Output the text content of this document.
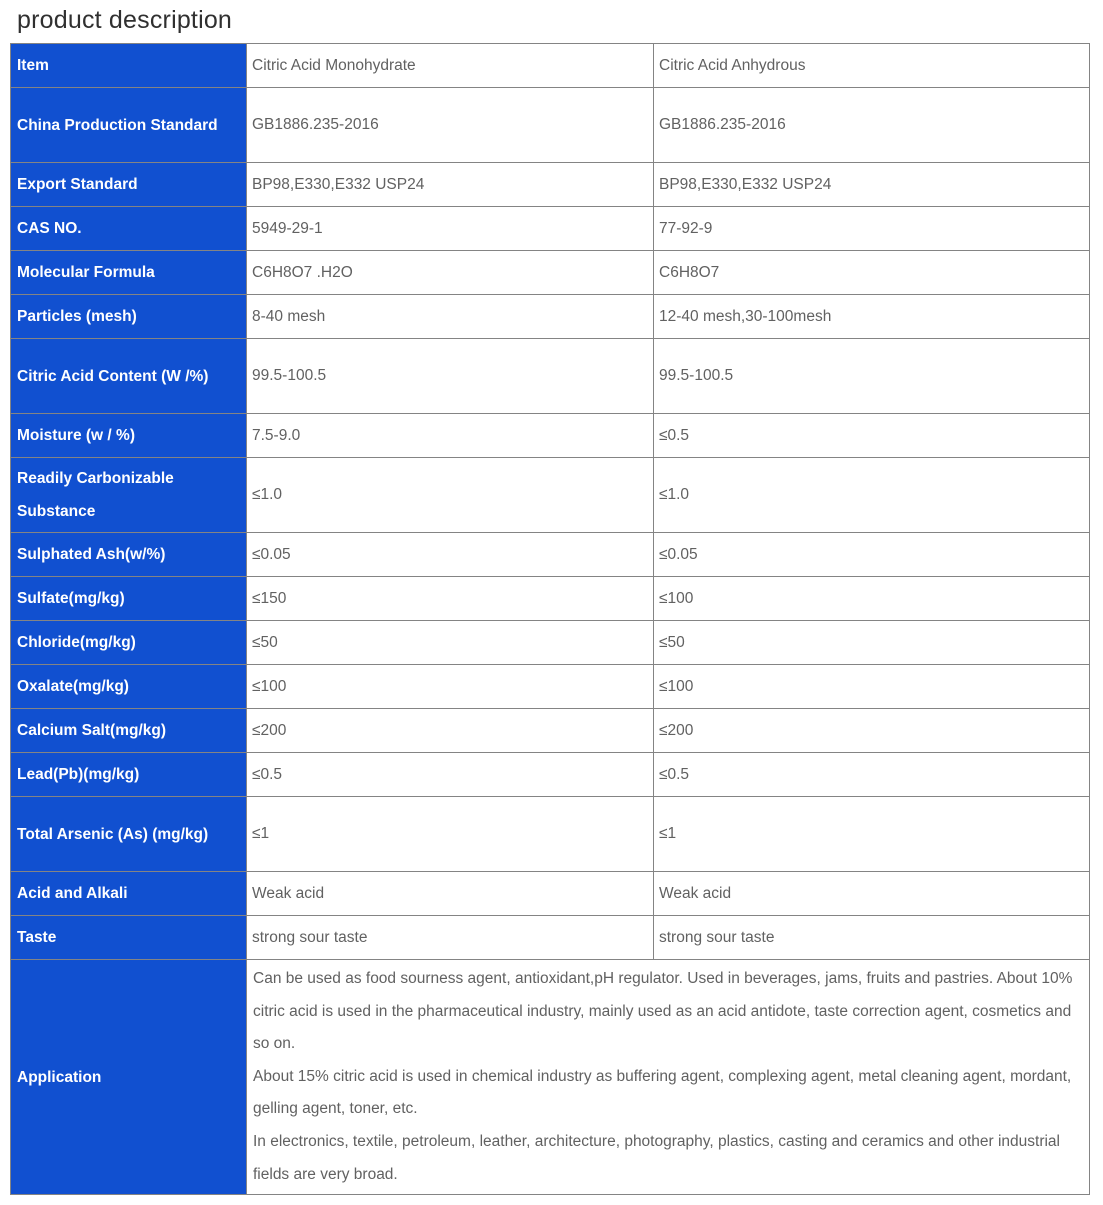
product description
Item	Citric Acid Monohydrate	Citric Acid Anhydrous
China Production Standard	GB1886.235-2016	GB1886.235-2016
Export Standard	BP98,E330,E332 USP24	BP98,E330,E332 USP24
CAS NO.	5949-29-1	77-92-9
Molecular Formula	C6H8O7 .H2O	C6H8O7
Particles (mesh)	8-40 mesh	12-40 mesh,30-100mesh
Citric Acid Content (W /%)	99.5-100.5	99.5-100.5
Moisture (w / %)	7.5-9.0	≤0.5
Readily Carbonizable Substance	≤1.0	≤1.0
Sulphated Ash(w/%)	≤0.05	≤0.05
Sulfate(mg/kg)	≤150	≤100
Chloride(mg/kg)	≤50	≤50
Oxalate(mg/kg)	≤100	≤100
Calcium Salt(mg/kg)	≤200	≤200
Lead(Pb)(mg/kg)	≤0.5	≤0.5
Total Arsenic (As) (mg/kg)	≤1	≤1
Acid and Alkali	Weak acid	Weak acid
Taste	strong sour taste	strong sour taste
Application	Can be used as food sourness agent, antioxidant,pH regulator. Used in beverages, jams, fruits and pastries. About 10% citric acid is used in the pharmaceutical industry, mainly used as an acid antidote, taste correction agent, cosmetics and so on.
About 15% citric acid is used in chemical industry as buffering agent, complexing agent, metal cleaning agent, mordant, gelling agent, toner, etc.
In electronics, textile, petroleum, leather, architecture, photography, plastics, casting and ceramics and other industrial fields are very broad.	
